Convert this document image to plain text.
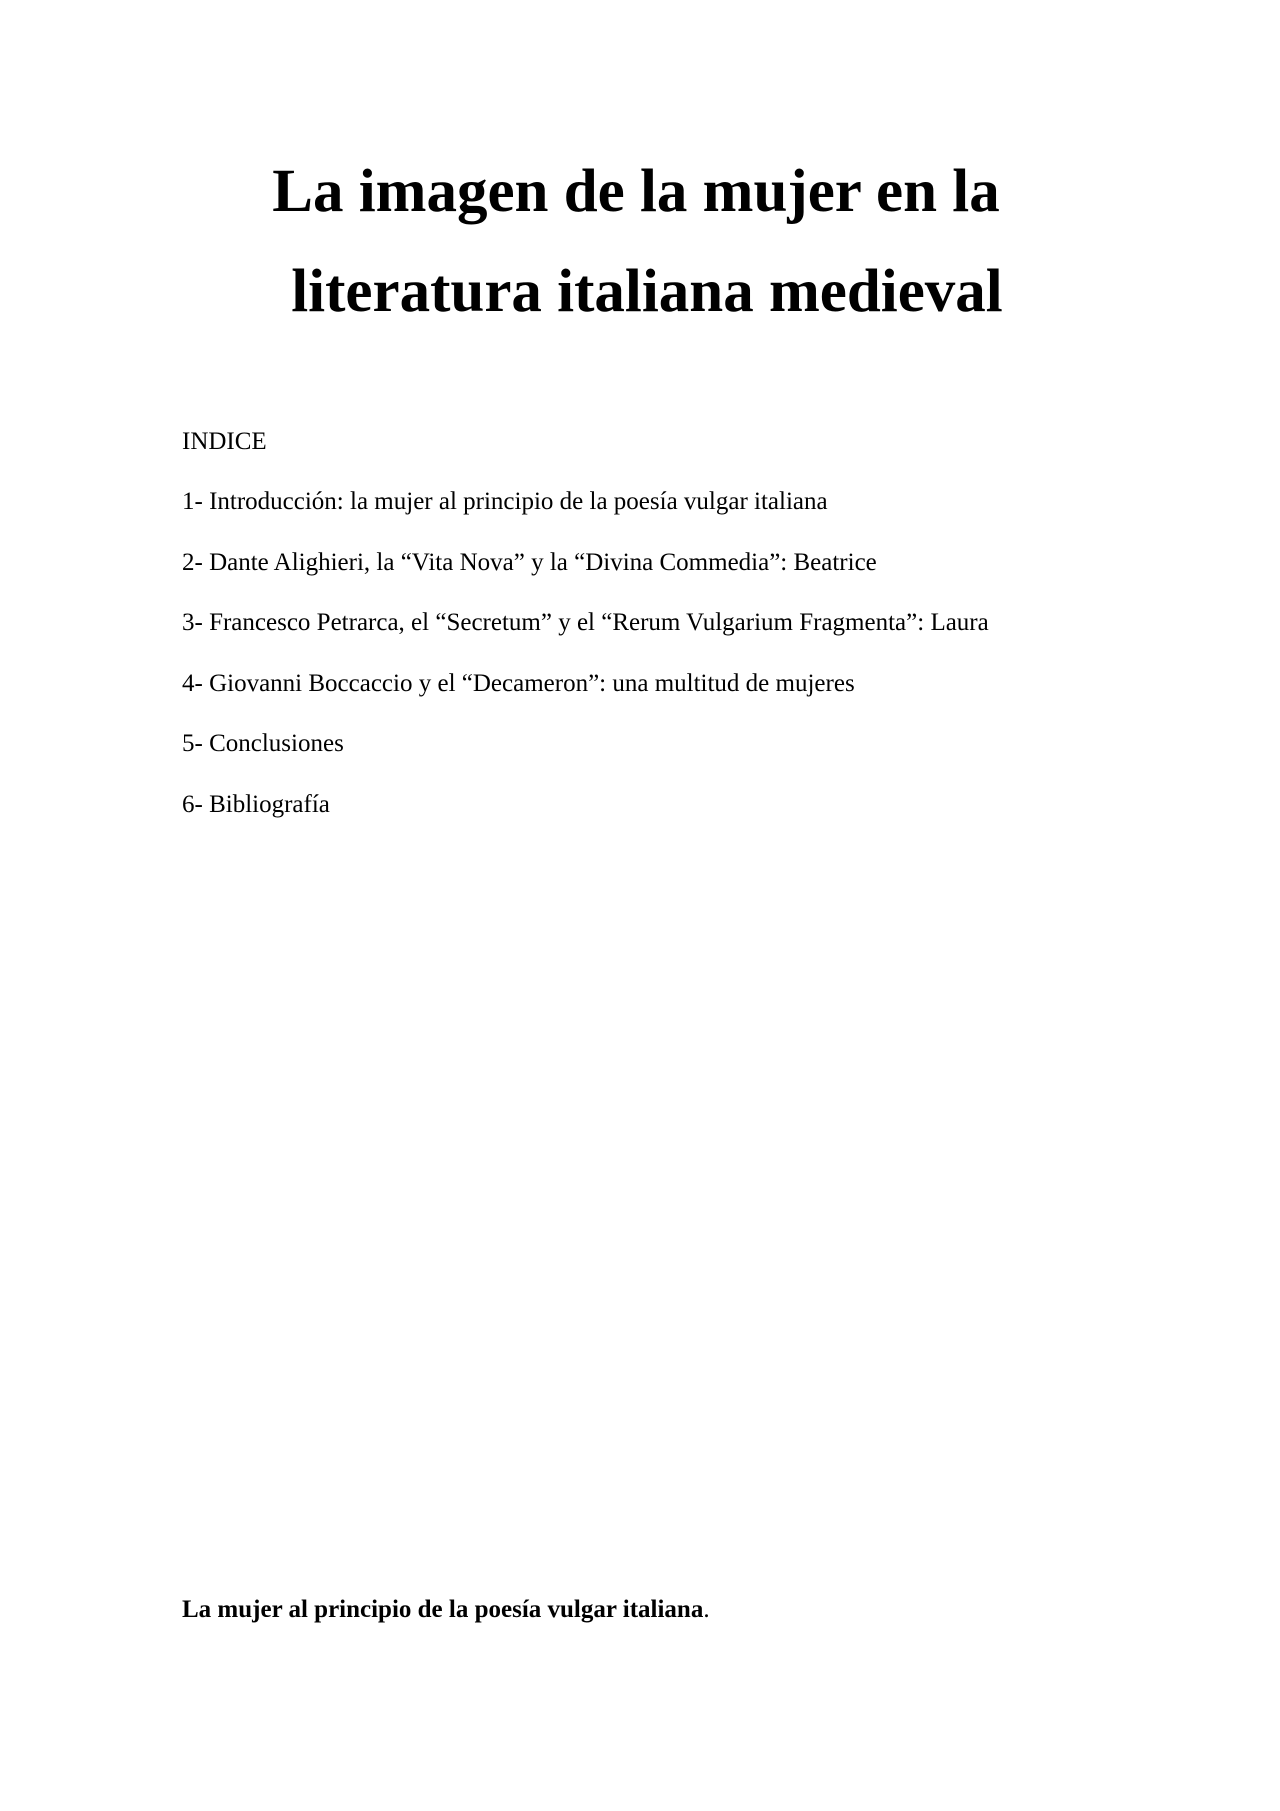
La imagen de la mujer en la
literatura italiana medieval
INDICE
1- Introducción: la mujer al principio de la poesía vulgar italiana
2- Dante Alighieri, la “Vita Nova” y la “Divina Commedia”: Beatrice
3- Francesco Petrarca, el “Secretum” y el “Rerum Vulgarium Fragmenta”: Laura
4- Giovanni Boccaccio y el “Decameron”: una multitud de mujeres
5- Conclusiones
6- Bibliografía

La mujer al principio de la poesía vulgar italiana.
